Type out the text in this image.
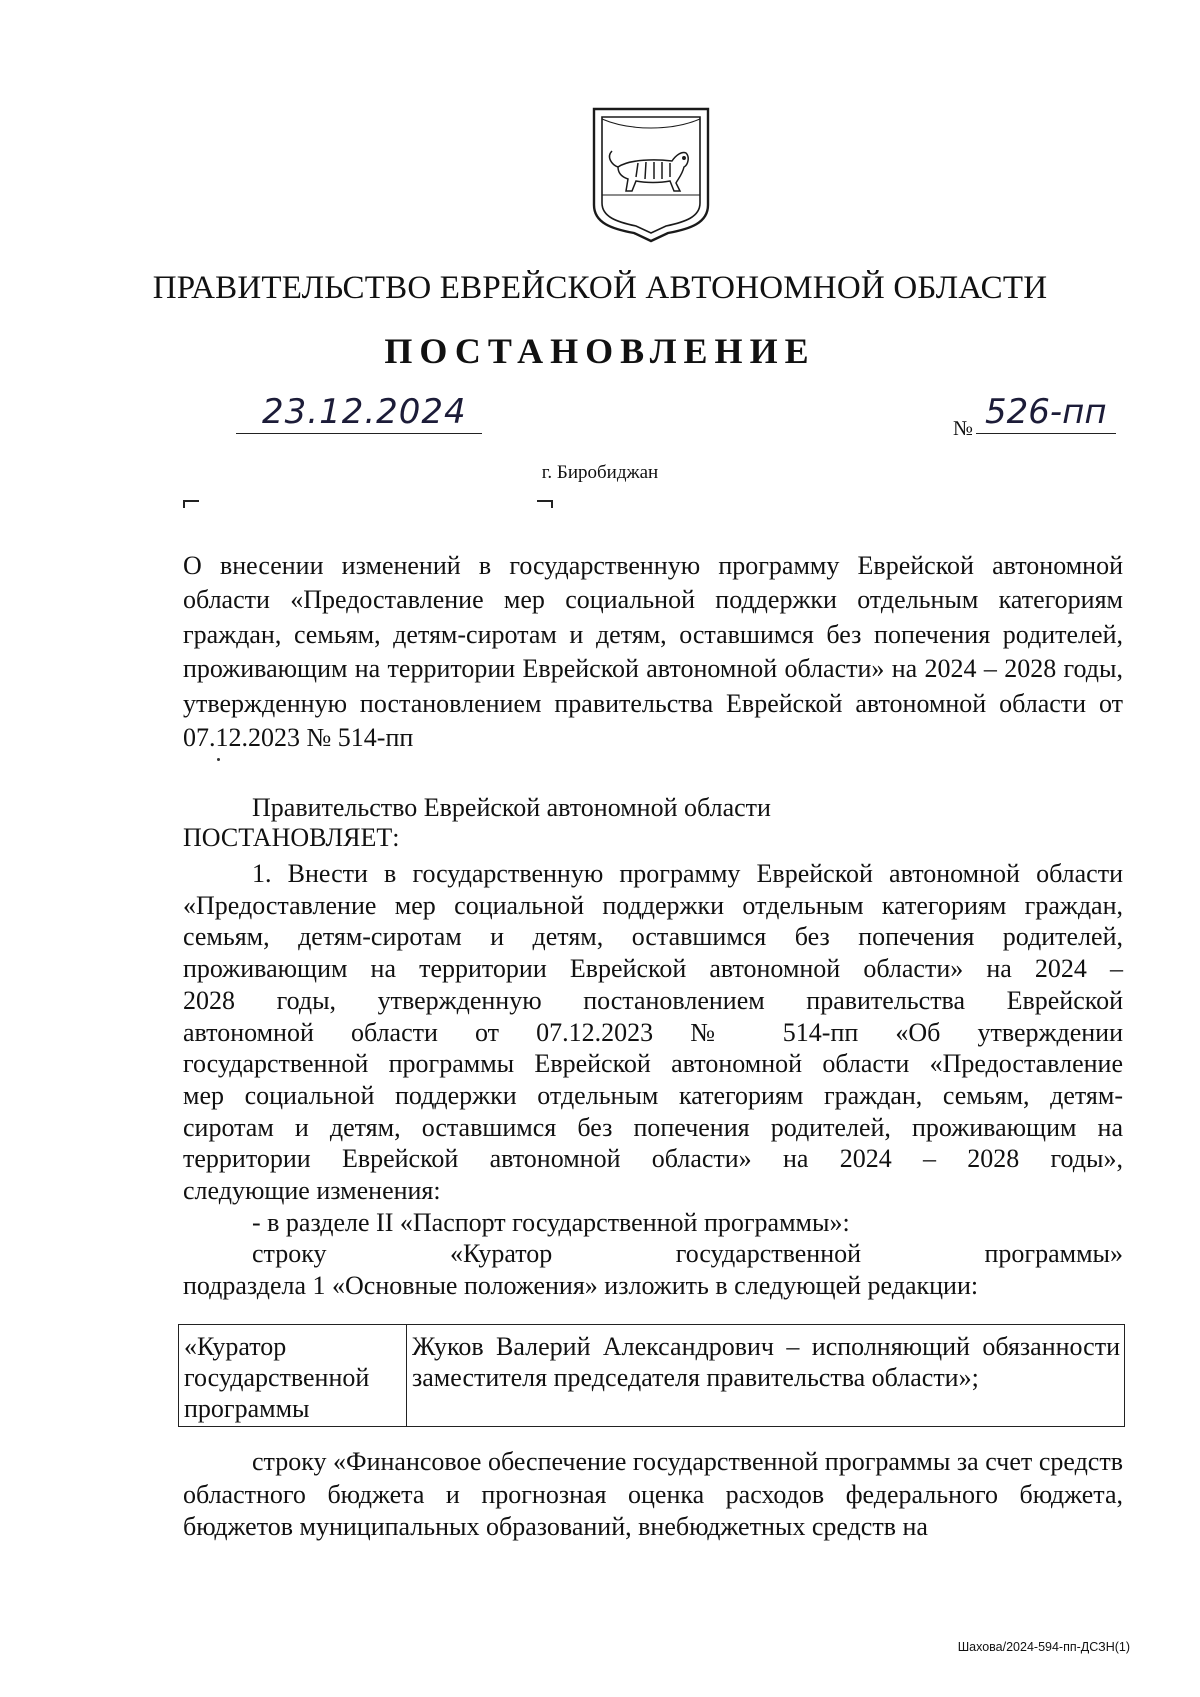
ПРАВИТЕЛЬСТВО ЕВРЕЙСКОЙ АВТОНОМНОЙ ОБЛАСТИ
ПОСТАНОВЛЕНИЕ
23.12.2024	№ 526-пп
г. Биробиджан
О внесении изменений в государственную программу Еврейской автономной области «Предоставление мер социальной поддержки отдельным категориям граждан, семьям, детям-сиротам и детям, оставшимся без попечения родителей, проживающим на территории Еврейской автономной области» на 2024 – 2028 годы, утвержденную постановлением правительства Еврейской автономной области от 07.12.2023 № 514-пп
Правительство Еврейской автономной области
ПОСТАНОВЛЯЕТ:
1. Внести в государственную программу Еврейской автономной области
«Предоставление мер социальной поддержки отдельным категориям граждан,
семьям, детям-сиротам и детям, оставшимся без попечения родителей,
проживающим на территории Еврейской автономной области» на 2024 –
2028 годы, утвержденную постановлением правительства Еврейской
автономной области от 07.12.2023 № 514-пп «Об утверждении
государственной программы Еврейской автономной области «Предоставление
мер социальной поддержки отдельным категориям граждан, семьям, детям-
сиротам и детям, оставшимся без попечения родителей, проживающим на
территории Еврейской автономной области» на 2024 – 2028 годы»,
следующие изменения:
- в разделе II «Паспорт государственной программы»:
строку «Куратор государственной программы»
подраздела 1 «Основные положения» изложить в следующей редакции:
«Куратор государственной программы	Жуков Валерий Александрович – исполняющий обязанности заместителя председателя правительства области»;
строку «Финансовое обеспечение государственной программы за счет средств областного бюджета и прогнозная оценка расходов федерального бюджета, бюджетов муниципальных образований, внебюджетных средств на
Шахова/2024-594-пп-ДСЗН(1)
